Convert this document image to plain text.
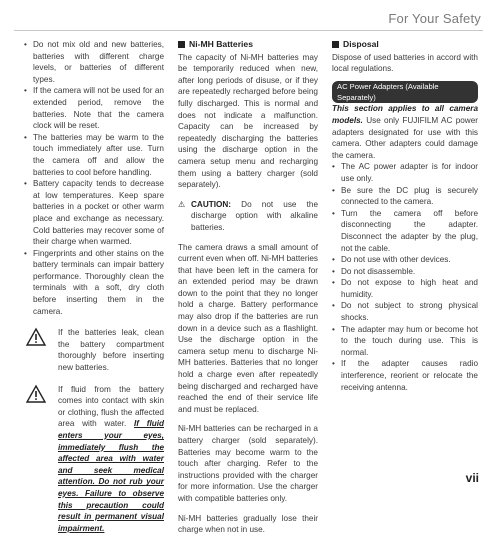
For Your Safety
• Do not mix old and new batteries, batteries with different charge levels, or batteries of different types.
• If the camera will not be used for an extended period, remove the batteries. Note that the camera clock will be reset.
• The batteries may be warm to the touch immediately after use. Turn the camera off and allow the batteries to cool before handling.
• Battery capacity tends to decrease at low temperatures. Keep spare batteries in a pocket or other warm place and exchange as necessary. Cold batteries may recover some of their charge when warmed.
• Fingerprints and other stains on the battery terminals can impair battery performance. Thoroughly clean the terminals with a soft, dry cloth before inserting them in the camera.
If the batteries leak, clean the battery compartment thoroughly before inserting new batteries.
If fluid from the battery comes into contact with skin or clothing, flush the affected area with water. If fluid enters your eyes, immediately flush the affected area with water and seek medical attention. Do not rub your eyes. Failure to observe this precaution could result in permanent visual impairment.
Ni-MH Batteries

The capacity of Ni-MH batteries may be temporarily reduced when new, after long periods of disuse, or if they are repeatedly recharged before being fully discharged. This is normal and does not indicate a malfunction. Capacity can be increased by repeatedly discharging the batteries using the discharge option in the camera setup menu and recharging them using a battery charger (sold separately).

⚠ CAUTION: Do not use the discharge option with alkaline batteries.

The camera draws a small amount of current even when off. Ni-MH batteries that have been left in the camera for an extended period may be drawn down to the point that they no longer hold a charge. Battery performance may also drop if the batteries are run down in a device such as a flashlight. Use the discharge option in the camera setup menu to discharge Ni-MH batteries. Batteries that no longer hold a charge even after repeatedly being discharged and recharged have reached the end of their service life and must be replaced.

Ni-MH batteries can be recharged in a battery charger (sold separately). Batteries may become warm to the touch after charging. Refer to the instructions provided with the charger for more information. Use the charger with compatible batteries only.

Ni-MH batteries gradually lose their charge when not in use.

Disposal

Dispose of used batteries in accord with local regulations.

AC Power Adapters (Available Separately)

This section applies to all camera models. Use only FUJIFILM AC power adapters designated for use with this camera. Other adapters could damage the camera.

• The AC power adapter is for indoor use only.
• Be sure the DC plug is securely connected to the camera.
• Turn the camera off before disconnecting the adapter. Disconnect the adapter by the plug, not the cable.
• Do not use with other devices.
• Do not disassemble.
• Do not expose to high heat and humidity.
• Do not subject to strong physical shocks.
• The adapter may hum or become hot to the touch during use. This is normal.
• If the adapter causes radio interference, reorient or relocate the receiving antenna.
vii
